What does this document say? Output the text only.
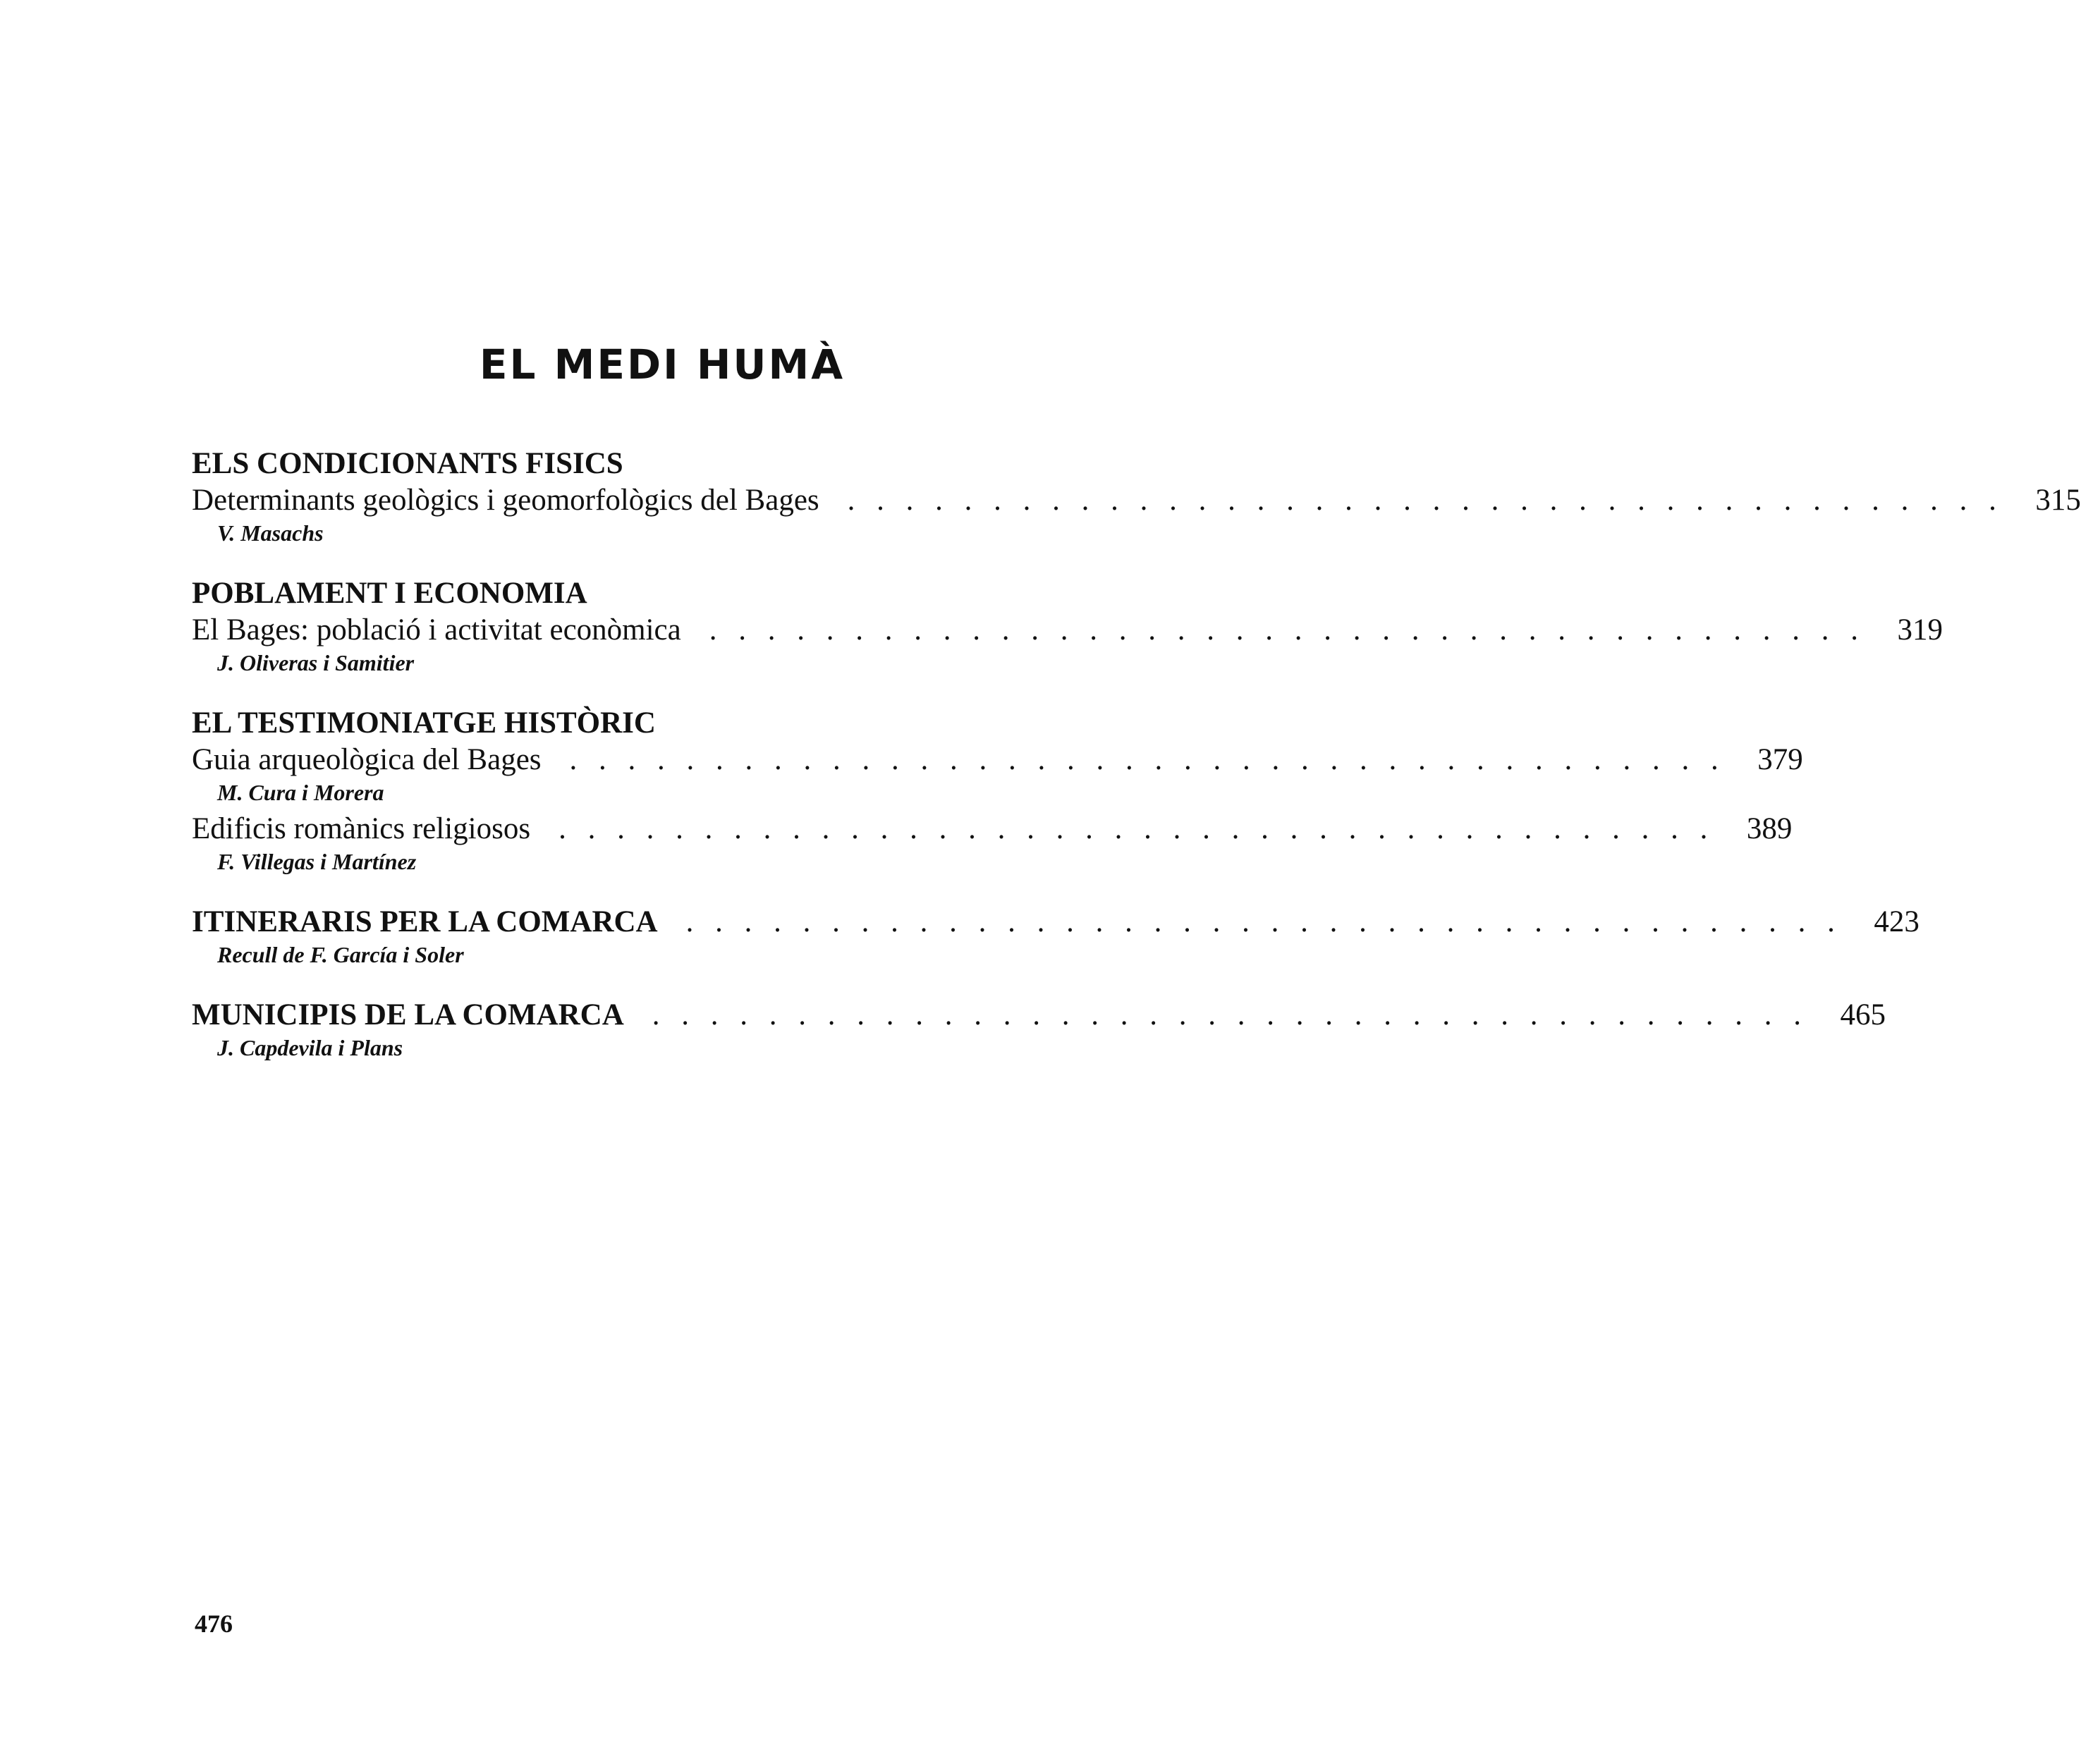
EL MEDI HUMÀ
ELS CONDICIONANTS FISICS
Determinants geològics i geomorfològics del Bages . . . . . . . . . . . . . . . . . . . . . . . . . . . . . . . . . . . . . . . .	315
V. Masachs
POBLAMENT I ECONOMIA
El Bages: població i activitat econòmica . . . . . . . . . . . . . . . . . . . . . . . . . . . . . . . . . . . . . . . .	319
J. Oliveras i Samitier
EL TESTIMONIATGE HISTÒRIC
Guia arqueològica del Bages . . . . . . . . . . . . . . . . . . . . . . . . . . . . . . . . . . . . . . . .	379
M. Cura i Morera
Edificis romànics religiosos . . . . . . . . . . . . . . . . . . . . . . . . . . . . . . . . . . . . . . . .	389
F. Villegas i Martínez
ITINERARIS PER LA COMARCA . . . . . . . . . . . . . . . . . . . . . . . . . . . . . . . . . . . . . . . .	423
Recull de F. García i Soler
MUNICIPIS DE LA COMARCA . . . . . . . . . . . . . . . . . . . . . . . . . . . . . . . . . . . . . . . .	465
J. Capdevila i Plans
476
